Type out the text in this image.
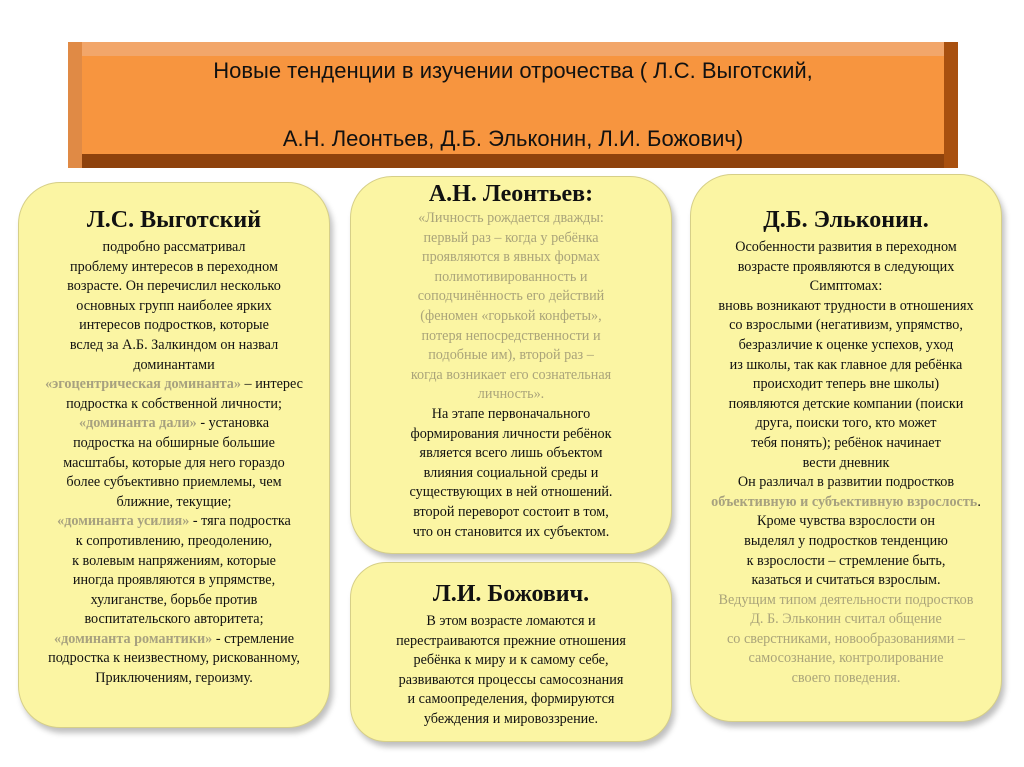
Новые тенденции в изучении отрочества ( Л.С. Выготский,

А.Н. Леонтьев, Д.Б. Эльконин, Л.И. Божович)

Л.С. Выготский
подробно рассматривал
проблему интересов в переходном
возрасте. Он перечислил несколько
основных групп наиболее ярких
интересов подростков, которые
вслед за А.Б. Залкиндом он назвал
доминантами
«эгоцентрическая доминанта» – интерес
подростка к собственной личности;
«доминанта дали» - установка
подростка на обширные большие
масштабы, которые для него гораздо
более субъективно приемлемы, чем
ближние, текущие;
«доминанта усилия» - тяга подростка
к сопротивлению, преодолению,
к волевым напряжениям, которые
иногда проявляются в упрямстве,
хулиганстве, борьбе против
воспитательского авторитета;
«доминанта романтики» - стремление
подростка к неизвестному, рискованному,
Приключениям, героизму.
А.Н. Леонтьев:
«Личность рождается дважды:
первый раз – когда у ребёнка
проявляются в явных формах
полимотивированность и
соподчинённость его действий
(феномен «горькой конфеты»,
потеря непосредственности и
подобные им), второй раз –
когда возникает его сознательная
личность».
На этапе первоначального
формирования личности ребёнок
является всего лишь объектом
влияния социальной среды и
существующих в ней отношений.
второй переворот состоит в том,
что он становится их субъектом.
Л.И. Божович.
В этом возрасте ломаются и
перестраиваются прежние отношения
ребёнка к миру и к самому себе,
развиваются процессы самосознания
и самоопределения, формируются
убеждения и мировоззрение.
Д.Б. Эльконин.
Особенности развития в переходном
возрасте проявляются в следующих
Симптомах:
вновь возникают трудности в отношениях
со взрослыми (негативизм, упрямство,
безразличие к оценке успехов, уход
из школы, так как главное для ребёнка
происходит теперь вне школы)
появляются детские компании (поиски
друга, поиски того, кто может
тебя понять); ребёнок начинает
вести дневник
Он различал в развитии подростков
объективную и субъективную взрослость.
Кроме чувства взрослости он
выделял у подростков тенденцию
к взрослости – стремление быть,
казаться и считаться взрослым.
Ведущим типом деятельности подростков
Д. Б. Эльконин считал общение
со сверстниками, новообразованиями –
самосознание, контролирование
своего поведения.
